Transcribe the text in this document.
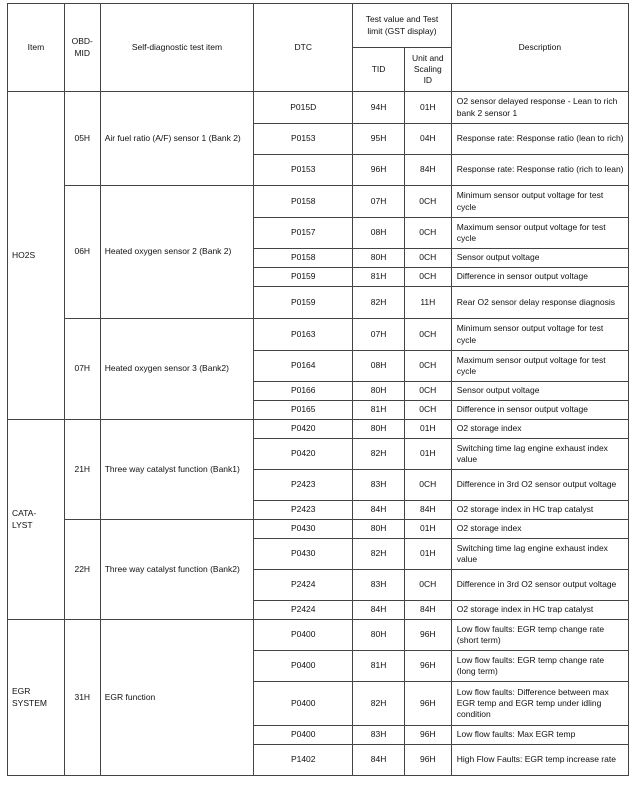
Item	OBD-MID	Self-diagnostic test item	DTC	Test value and Test limit (GST display)		Description
				TID	Unit and Scaling ID	
HO2S	05H	Air fuel ratio (A/F) sensor 1 (Bank 2)	P015D	94H	01H	O2 sensor delayed response - Lean to rich bank 2 sensor 1
			P0153	95H	04H	Response rate: Response ratio (lean to rich)
			P0153	96H	84H	Response rate: Response ratio (rich to lean)
	06H	Heated oxygen sensor 2 (Bank 2)	P0158	07H	0CH	Minimum sensor output voltage for test cycle
			P0157	08H	0CH	Maximum sensor output voltage for test cycle
			P0158	80H	0CH	Sensor output voltage
			P0159	81H	0CH	Difference in sensor output voltage
			P0159	82H	11H	Rear O2 sensor delay response diagnosis
	07H	Heated oxygen sensor 3 (Bank2)	P0163	07H	0CH	Minimum sensor output voltage for test cycle
			P0164	08H	0CH	Maximum sensor output voltage for test cycle
			P0166	80H	0CH	Sensor output voltage
			P0165	81H	0CH	Difference in sensor output voltage
CATA-
LYST	21H	Three way catalyst function (Bank1)	P0420	80H	01H	O2 storage index
			P0420	82H	01H	Switching time lag engine exhaust index value
			P2423	83H	0CH	Difference in 3rd O2 sensor output voltage
			P2423	84H	84H	O2 storage index in HC trap catalyst
	22H	Three way catalyst function (Bank2)	P0430	80H	01H	O2 storage index
			P0430	82H	01H	Switching time lag engine exhaust index value
			P2424	83H	0CH	Difference in 3rd O2 sensor output voltage
			P2424	84H	84H	O2 storage index in HC trap catalyst
EGR
SYSTEM	31H	EGR function	P0400	80H	96H	Low flow faults: EGR temp change rate (short term)
			P0400	81H	96H	Low flow faults: EGR temp change rate (long term)
			P0400	82H	96H	Low flow faults: Difference between max EGR temp and EGR temp under idling condition
			P0400	83H	96H	Low flow faults: Max EGR temp
			P1402	84H	96H	High Flow Faults: EGR temp increase rate
